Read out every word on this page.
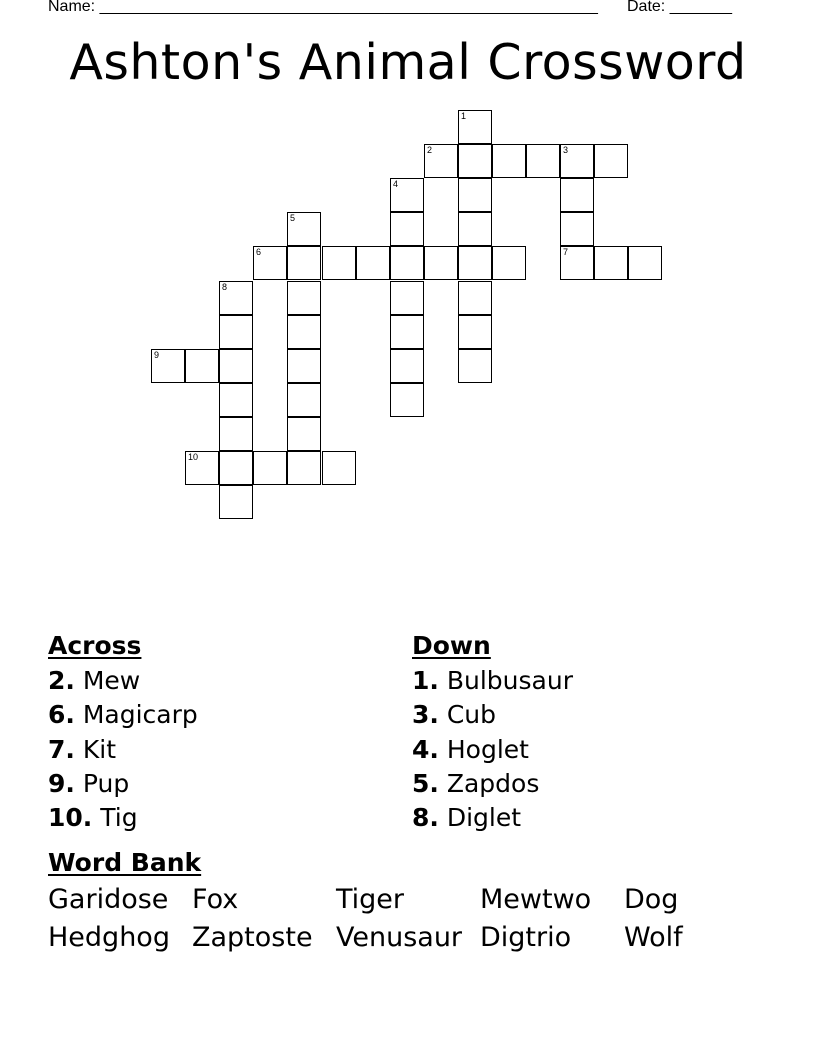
Name: ________________________________________________________ Date: _______
Ashton's Animal Crossword
1
2	3
4
5
6	7
8
9
10
Across
2. Mew
6. Magicarp
7. Kit
9. Pup
10. Tig
Down
1. Bulbusaur
3. Cub
4. Hoglet
5. Zapdos
8. Diglet
Word Bank
Garidose Fox	Tiger	Mewtwo Dog
Hedghog Zaptoste Venusaur Digtrio Wolf
